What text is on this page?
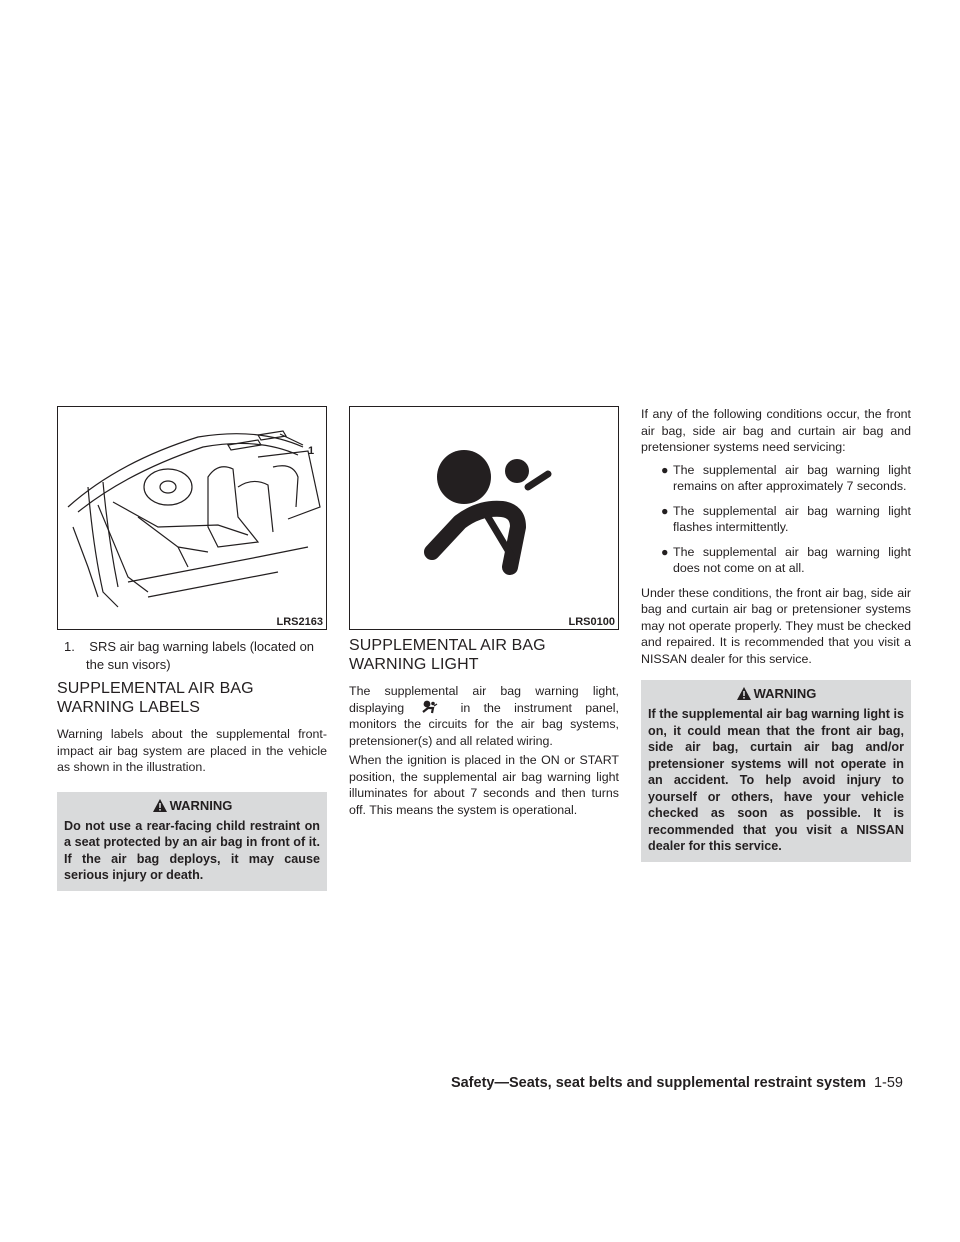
1
LRS2163
1. SRS air bag warning labels (located on the sun visors)
SUPPLEMENTAL AIR BAG WARNING LABELS

Warning labels about the supplemental front-impact air bag system are placed in the vehicle as shown in the illustration.

WARNING
Do not use a rear-facing child restraint on a seat protected by an air bag in front of it. If the air bag deploys, it may cause serious injury or death.
LRS0100
SUPPLEMENTAL AIR BAG WARNING LIGHT

The supplemental air bag warning light, displaying	in the instrument panel, monitors the circuits for the air bag systems, pretensioner(s) and all related wiring.

When the ignition is placed in the ON or START position, the supplemental air bag warning light illuminates for about 7 seconds and then turns off. This means the system is operational.

If any of the following conditions occur, the front air bag, side air bag and curtain air bag and pretensioner systems need servicing:

● The supplemental air bag warning light remains on after approximately 7 seconds.
● The supplemental air bag warning light flashes intermittently.
● The supplemental air bag warning light does not come on at all.

Under these conditions, the front air bag, side air bag and curtain air bag or pretensioner systems may not operate properly. They must be checked and repaired. It is recommended that you visit a NISSAN dealer for this service.

WARNING
If the supplemental air bag warning light is on, it could mean that the front air bag, side air bag, curtain air bag and/or pretensioner systems will not operate in an accident. To help avoid injury to yourself or others, have your vehicle checked as soon as possible. It is recommended that you visit a NISSAN dealer for this service.
Safety—Seats, seat belts and supplemental restraint system 1-59
